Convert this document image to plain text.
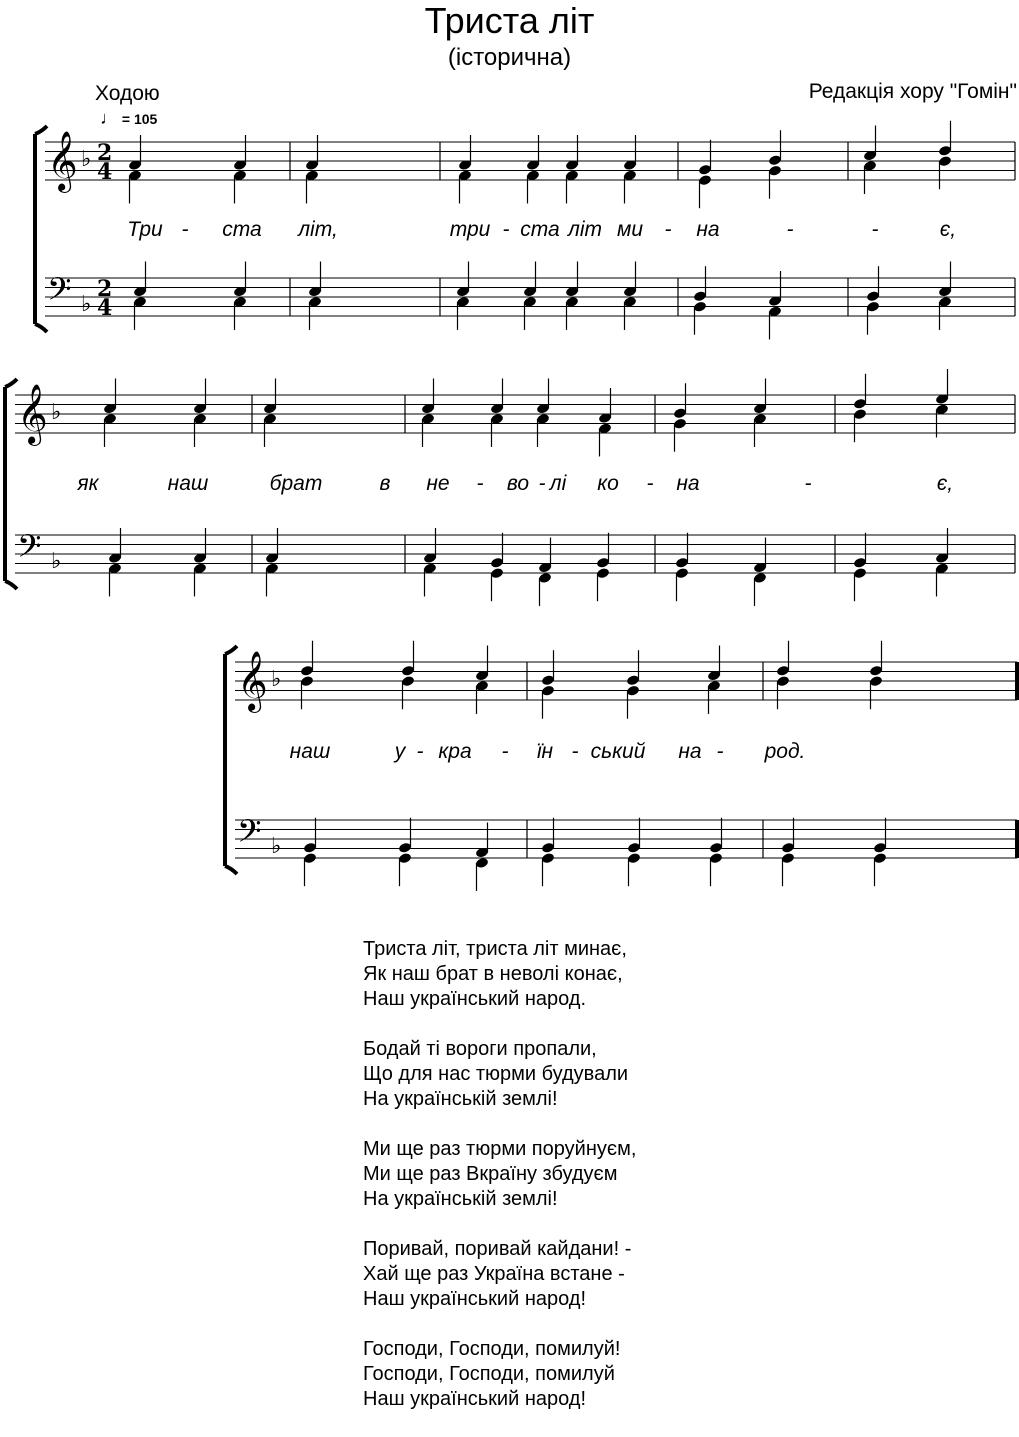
Триста літ
(історична)
Ходою
♩ = 105
Редакція хору "Гомін"
𝄞 ♭ 2
4
𝄢 ♭
2
4
Три - ста літ,	три - ста літ ми - на	-	-	є,
𝄞 ♭
𝄢 ♭
як	наш	брат	в не - во - лі ко - на	-	є,
𝄞 ♭
𝄢 ♭
наш	у - кра - їн - ський на - род.
Триста літ, триста літ минає,
Як наш брат в неволі конає,
Наш український народ.
Бодай ті вороги пропали,
Що для нас тюрми будували
На українській землі!
Ми ще раз тюрми поруйнуєм,
Ми ще раз Вкраїну збудуєм
На українській землі!
Поривай, поривай кайдани! -
Хай ще раз Україна встане -
Наш український народ!
Господи, Господи, помилуй!
Господи, Господи, помилуй
Наш український народ!
